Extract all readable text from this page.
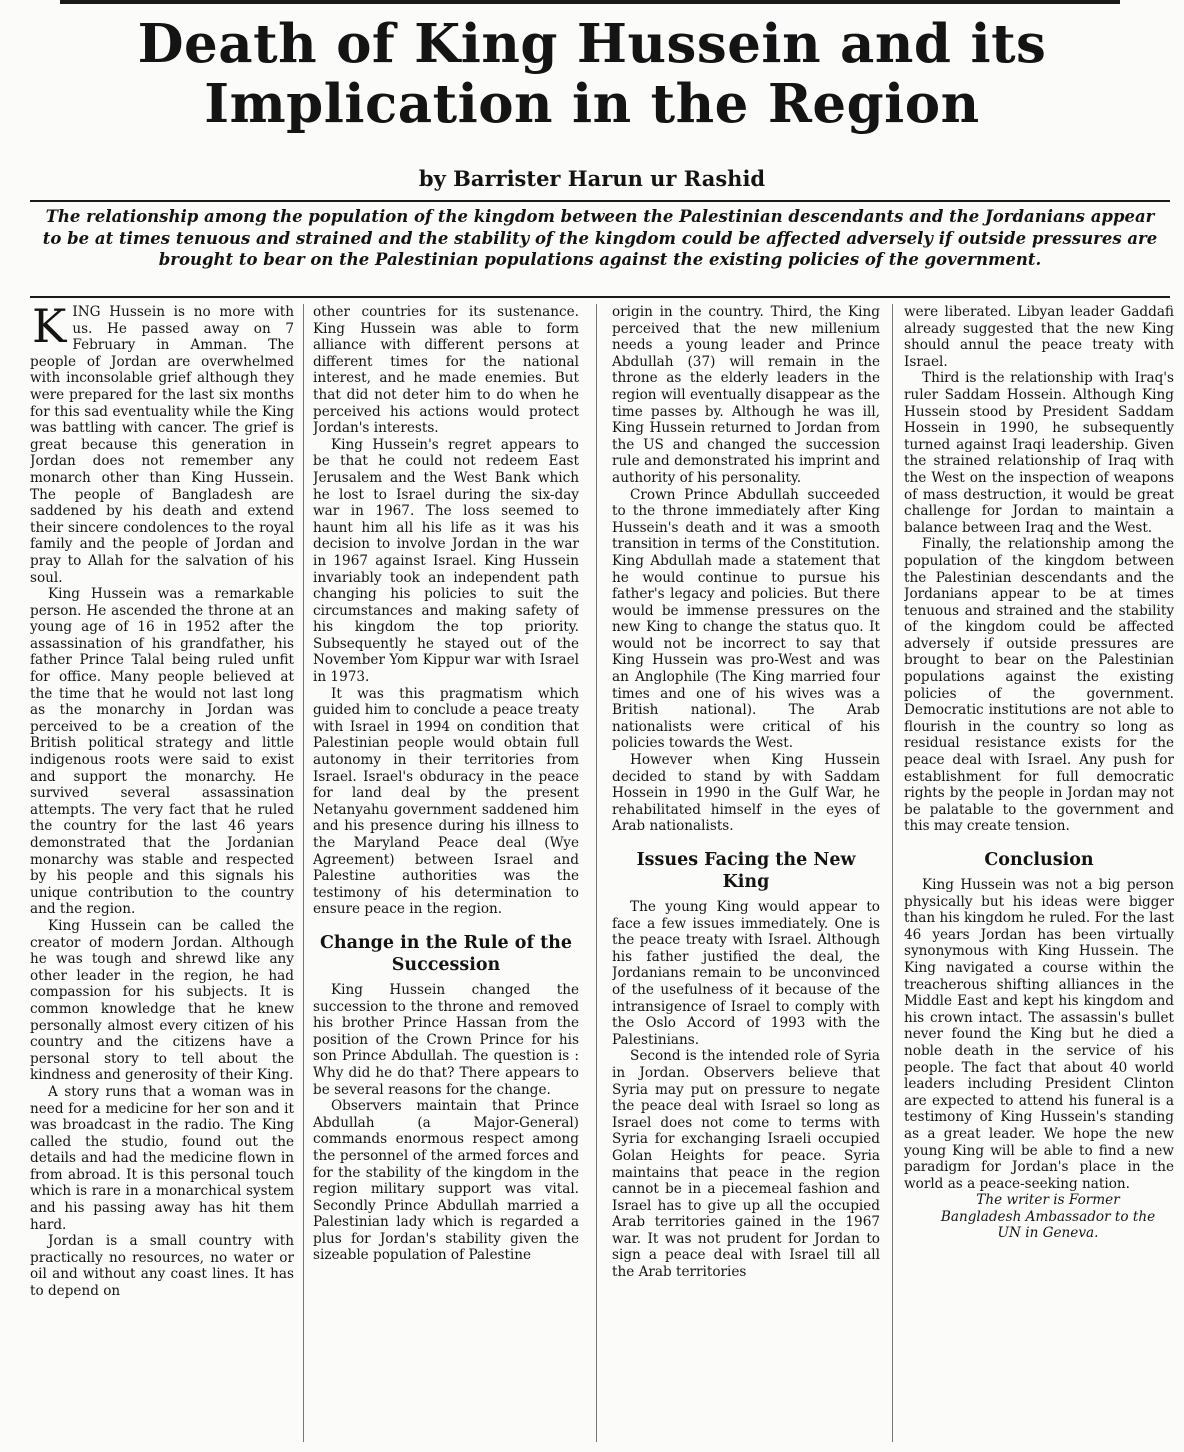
Death of King Hussein and its Implication in the Region

by Barrister Harun ur Rashid

The relationship among the population of the kingdom between the Palestinian descendants and the Jordanians appear to be at times tenuous and strained and the stability of the kingdom could be affected adversely if outside pressures are brought to bear on the Palestinian populations against the existing policies of the government.

KING Hussein is no more with us. He passed away on 7 February in Amman. The people of Jordan are overwhelmed with inconsolable grief although they were prepared for the last six months for this sad eventuality while the King was battling with cancer. The grief is great because this generation in Jordan does not remember any monarch other than King Hussein. The people of Bangladesh are saddened by his death and extend their sincere condolences to the royal family and the people of Jordan and pray to Allah for the salvation of his soul.

King Hussein was a remarkable person. He ascended the throne at an young age of 16 in 1952 after the assassination of his grandfather, his father Prince Talal being ruled unfit for office. Many people believed at the time that he would not last long as the monarchy in Jordan was perceived to be a creation of the British political strategy and little indigenous roots were said to exist and support the monarchy. He survived several assassination attempts. The very fact that he ruled the country for the last 46 years demonstrated that the Jordanian monarchy was stable and respected by his people and this signals his unique contribution to the country and the region.

King Hussein can be called the creator of modern Jordan. Although he was tough and shrewd like any other leader in the region, he had compassion for his subjects. It is common knowledge that he knew personally almost every citizen of his country and the citizens have a personal story to tell about the kindness and generosity of their King.

A story runs that a woman was in need for a medicine for her son and it was broadcast in the radio. The King called the studio, found out the details and had the medicine flown in from abroad. It is this personal touch which is rare in a monarchical system and his passing away has hit them hard.

Jordan is a small country with practically no resources, no water or oil and without any coast lines. It has to depend on

other countries for its sustenance. King Hussein was able to form alliance with different persons at different times for the national interest, and he made enemies. But that did not deter him to do when he perceived his actions would protect Jordan's interests.

King Hussein's regret appears to be that he could not redeem East Jerusalem and the West Bank which he lost to Israel during the six-day war in 1967. The loss seemed to haunt him all his life as it was his decision to involve Jordan in the war in 1967 against Israel. King Hussein invariably took an independent path changing his policies to suit the circumstances and making safety of his kingdom the top priority. Subsequently he stayed out of the November Yom Kippur war with Israel in 1973.

It was this pragmatism which guided him to conclude a peace treaty with Israel in 1994 on condition that Palestinian people would obtain full autonomy in their territories from Israel. Israel's obduracy in the peace for land deal by the present Netanyahu government saddened him and his presence during his illness to the Maryland Peace deal (Wye Agreement) between Israel and Palestine authorities was the testimony of his determination to ensure peace in the region.

Change in the Rule of the Succession

King Hussein changed the succession to the throne and removed his brother Prince Hassan from the position of the Crown Prince for his son Prince Abdullah. The question is : Why did he do that? There appears to be several reasons for the change.

Observers maintain that Prince Abdullah (a Major-General) commands enormous respect among the personnel of the armed forces and for the stability of the kingdom in the region military support was vital. Secondly Prince Abdullah married a Palestinian lady which is regarded a plus for Jordan's stability given the sizeable population of Palestine

origin in the country. Third, the King perceived that the new millenium needs a young leader and Prince Abdullah (37) will remain in the throne as the elderly leaders in the region will eventually disappear as the time passes by. Although he was ill, King Hussein returned to Jordan from the US and changed the succession rule and demonstrated his imprint and authority of his personality.

Crown Prince Abdullah succeeded to the throne immediately after King Hussein's death and it was a smooth transition in terms of the Constitution. King Abdullah made a statement that he would continue to pursue his father's legacy and policies. But there would be immense pressures on the new King to change the status quo. It would not be incorrect to say that King Hussein was pro-West and was an Anglophile (The King married four times and one of his wives was a British national). The Arab nationalists were critical of his policies towards the West.

However when King Hussein decided to stand by with Saddam Hossein in 1990 in the Gulf War, he rehabilitated himself in the eyes of Arab nationalists.

Issues Facing the New King

The young King would appear to face a few issues immediately. One is the peace treaty with Israel. Although his father justified the deal, the Jordanians remain to be unconvinced of the usefulness of it because of the intransigence of Israel to comply with the Oslo Accord of 1993 with the Palestinians.

Second is the intended role of Syria in Jordan. Observers believe that Syria may put on pressure to negate the peace deal with Israel so long as Israel does not come to terms with Syria for exchanging Israeli occupied Golan Heights for peace. Syria maintains that peace in the region cannot be in a piecemeal fashion and Israel has to give up all the occupied Arab territories gained in the 1967 war. It was not prudent for Jordan to sign a peace deal with Israel till all the Arab territories

were liberated. Libyan leader Gaddafi already suggested that the new King should annul the peace treaty with Israel.

Third is the relationship with Iraq's ruler Saddam Hossein. Although King Hussein stood by President Saddam Hossein in 1990, he subsequently turned against Iraqi leadership. Given the strained relationship of Iraq with the West on the inspection of weapons of mass destruction, it would be great challenge for Jordan to maintain a balance between Iraq and the West.

Finally, the relationship among the population of the kingdom between the Palestinian descendants and the Jordanians appear to be at times tenuous and strained and the stability of the kingdom could be affected adversely if outside pressures are brought to bear on the Palestinian populations against the existing policies of the government. Democratic institutions are not able to flourish in the country so long as residual resistance exists for the peace deal with Israel. Any push for establishment for full democratic rights by the people in Jordan may not be palatable to the government and this may create tension.

Conclusion

King Hussein was not a big person physically but his ideas were bigger than his kingdom he ruled. For the last 46 years Jordan has been virtually synonymous with King Hussein. The King navigated a course within the treacherous shifting alliances in the Middle East and kept his kingdom and his crown intact. The assassin's bullet never found the King but he died a noble death in the service of his people. The fact that about 40 world leaders including President Clinton are expected to attend his funeral is a testimony of King Hussein's standing as a great leader. We hope the new young King will be able to find a new paradigm for Jordan's place in the world as a peace-seeking nation.

The writer is Former
Bangladesh Ambassador to the
UN in Geneva.
